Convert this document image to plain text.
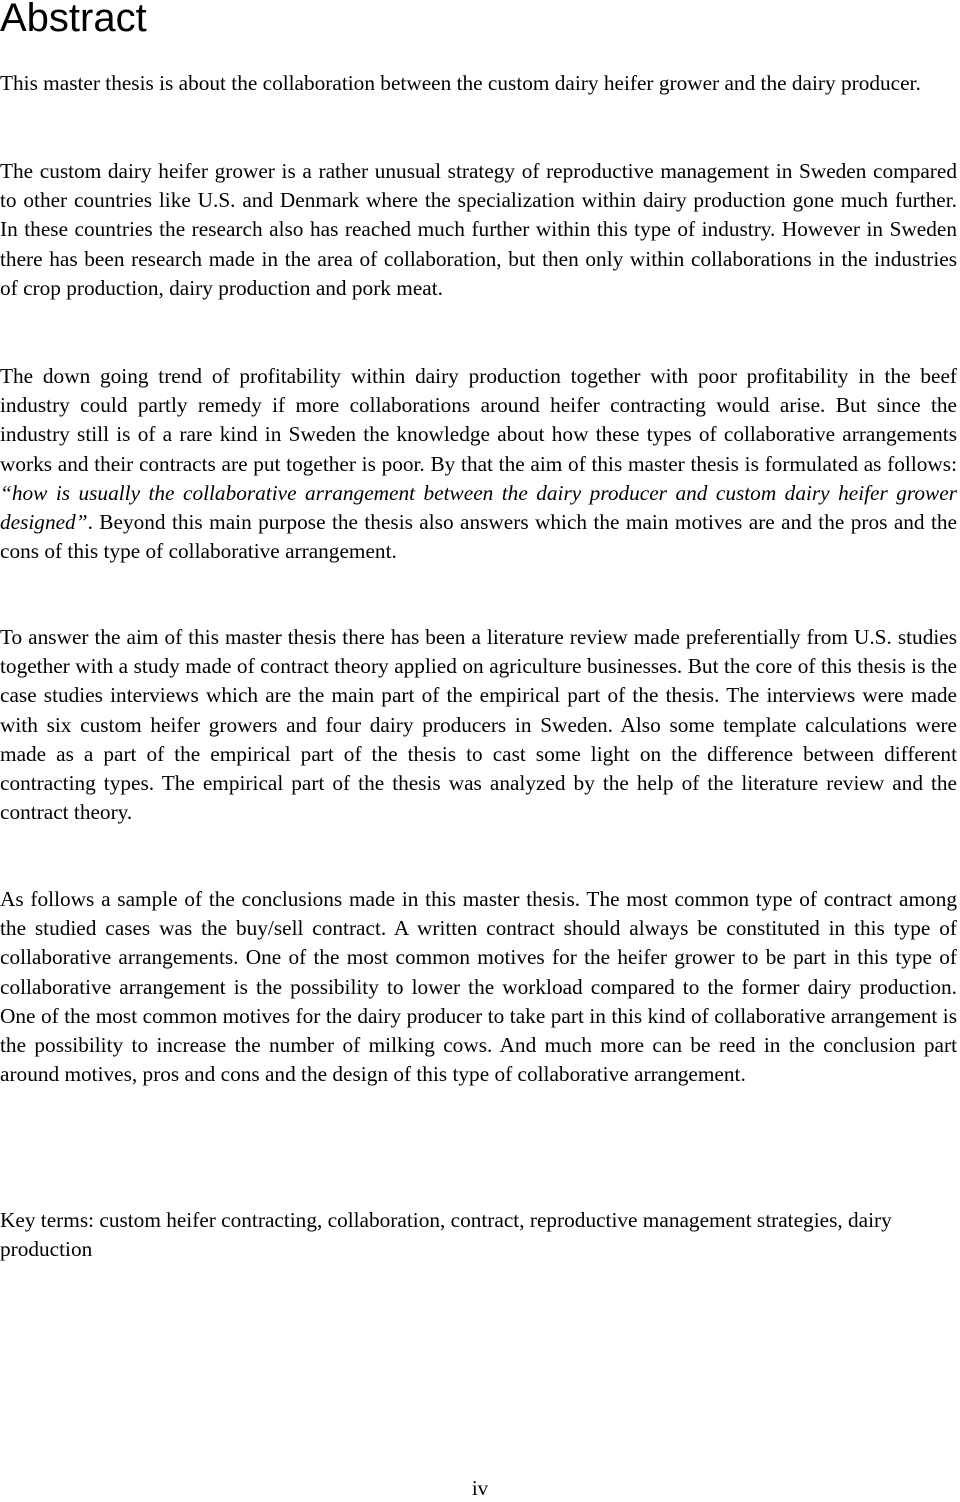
Abstract

This master thesis is about the collaboration between the custom dairy heifer grower and the dairy producer.

The custom dairy heifer grower is a rather unusual strategy of reproductive management in Sweden compared to other countries like U.S. and Denmark where the specialization within dairy production gone much further. In these countries the research also has reached much further within this type of industry. However in Sweden there has been research made in the area of collaboration, but then only within collaborations in the industries of crop production, dairy production and pork meat.

The down going trend of profitability within dairy production together with poor profitability in the beef industry could partly remedy if more collaborations around heifer contracting would arise. But since the industry still is of a rare kind in Sweden the knowledge about how these types of collaborative arrangements works and their contracts are put together is poor. By that the aim of this master thesis is formulated as follows: “how is usually the collaborative arrangement between the dairy producer and custom dairy heifer grower designed”. Beyond this main purpose the thesis also answers which the main motives are and the pros and the cons of this type of collaborative arrangement.

To answer the aim of this master thesis there has been a literature review made preferentially from U.S. studies together with a study made of contract theory applied on agriculture businesses. But the core of this thesis is the case studies interviews which are the main part of the empirical part of the thesis. The interviews were made with six custom heifer growers and four dairy producers in Sweden. Also some template calculations were made as a part of the empirical part of the thesis to cast some light on the difference between different contracting types. The empirical part of the thesis was analyzed by the help of the literature review and the contract theory.

As follows a sample of the conclusions made in this master thesis. The most common type of contract among the studied cases was the buy/sell contract. A written contract should always be constituted in this type of collaborative arrangements. One of the most common motives for the heifer grower to be part in this type of collaborative arrangement is the possibility to lower the workload compared to the former dairy production. One of the most common motives for the dairy producer to take part in this kind of collaborative arrangement is the possibility to increase the number of milking cows. And much more can be reed in the conclusion part around motives, pros and cons and the design of this type of collaborative arrangement.

Key terms: custom heifer contracting, collaboration, contract, reproductive management strategies, dairy production

iv
